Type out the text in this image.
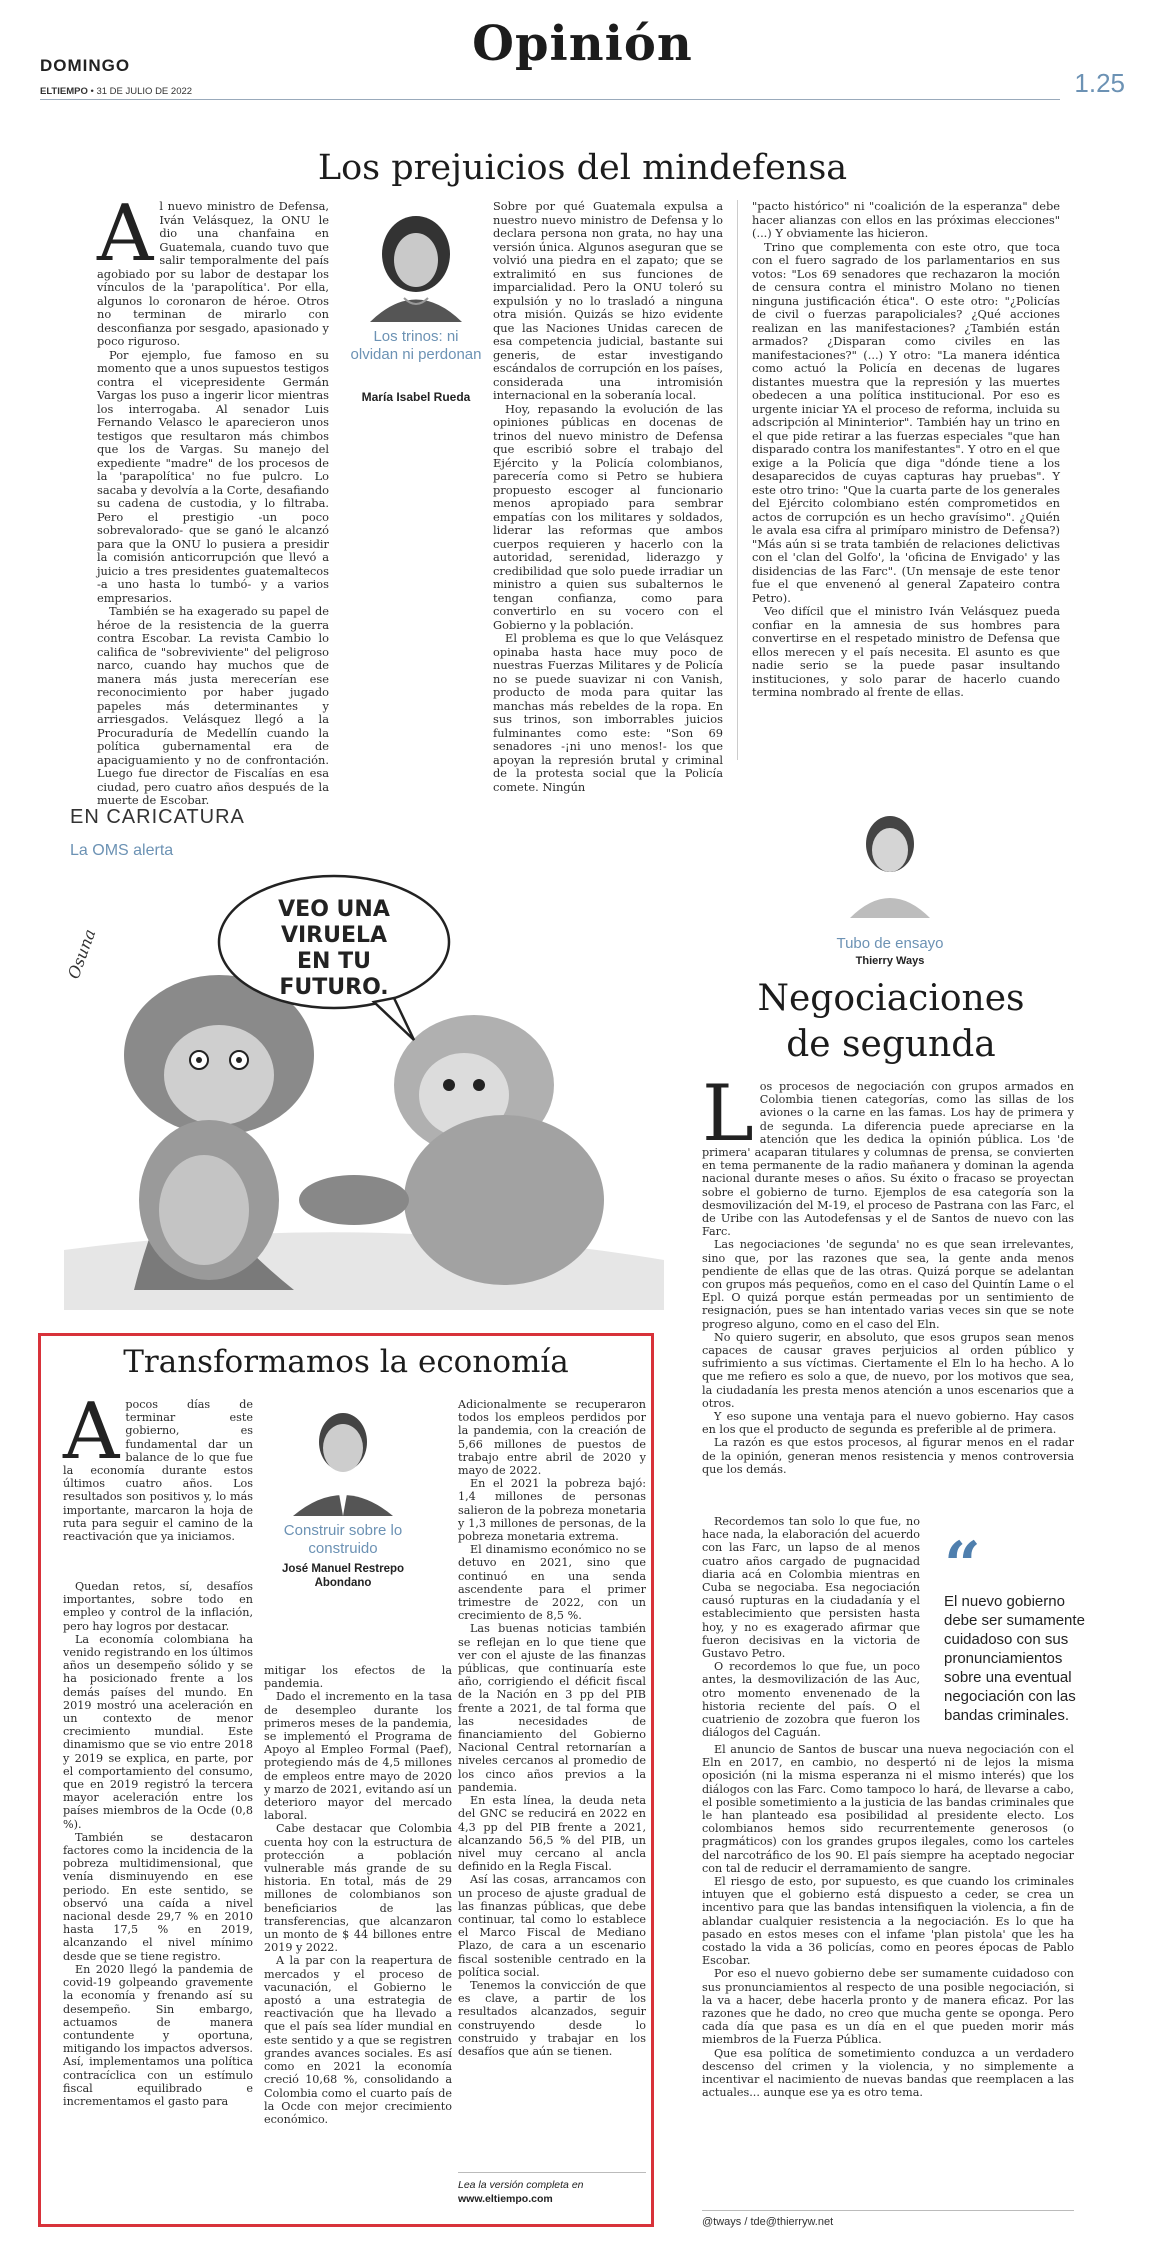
DOMINGO
ELTIEMPO • 31 DE JULIO DE 2022
Opinión
1.25
Los prejuicios del mindefensa
A l nuevo ministro de Defensa, Iván Velásquez, la ONU le dio una chanfaina en Guatemala, cuando tuvo que salir temporalmente del país agobiado por su labor de destapar los vínculos de la 'parapolítica'. Por ella, algunos lo coronaron de héroe. Otros no terminan de mirarlo con desconfianza por sesgado, apasionado y poco riguroso.

Por ejemplo, fue famoso en su momento que a unos supuestos testigos contra el vicepresidente Germán Vargas los puso a ingerir licor mientras los interrogaba. Al senador Luis Fernando Velasco le aparecieron unos testigos que resultaron más chimbos que los de Vargas. Su manejo del expediente "madre" de los procesos de la 'parapolítica' no fue pulcro. Lo sacaba y devolvía a la Corte, desafiando su cadena de custodia, y lo filtraba. Pero el prestigio -un poco sobrevalorado- que se ganó le alcanzó para que la ONU lo pusiera a presidir la comisión anticorrupción que llevó a juicio a tres presidentes guatemaltecos -a uno hasta lo tumbó- y a varios empresarios.

También se ha exagerado su papel de héroe de la resistencia de la guerra contra Escobar. La revista Cambio lo califica de "sobreviviente" del peligroso narco, cuando hay muchos que de manera más justa merecerían ese reconocimiento por haber jugado papeles más determinantes y arriesgados. Velásquez llegó a la Procuraduría de Medellín cuando la política gubernamental era de apaciguamiento y no de confrontación. Luego fue director de Fiscalías en esa ciudad, pero cuatro años después de la muerte de Escobar.

Los trinos: ni olvidan ni perdonan
María Isabel Rueda

Sobre por qué Guatemala expulsa a nuestro nuevo ministro de Defensa y lo declara persona non grata, no hay una versión única. Algunos aseguran que se volvió una piedra en el zapato; que se extralimitó en sus funciones de imparcialidad. Pero la ONU toleró su expulsión y no lo trasladó a ninguna otra misión. Quizás se hizo evidente que las Naciones Unidas carecen de esa competencia judicial, bastante sui generis, de estar investigando escándalos de corrupción en los países, considerada una intromisión internacional en la soberanía local.

Hoy, repasando la evolución de las opiniones públicas en docenas de trinos del nuevo ministro de Defensa que escribió sobre el trabajo del Ejército y la Policía colombianos, parecería como si Petro se hubiera propuesto escoger al funcionario menos apropiado para sembrar empatías con los militares y soldados, liderar las reformas que ambos cuerpos requieren y hacerlo con la autoridad, serenidad, liderazgo y credibilidad que solo puede irradiar un ministro a quien sus subalternos le tengan confianza, como para convertirlo en su vocero con el Gobierno y la población.

El problema es que lo que Velásquez opinaba hasta hace muy poco de nuestras Fuerzas Militares y de Policía no se puede suavizar ni con Vanish, producto de moda para quitar las manchas más rebeldes de la ropa. En sus trinos, son imborrables juicios fulminantes como este: "Son 69 senadores -¡ni uno menos!- los que apoyan la represión brutal y criminal de la protesta social que la Policía comete. Ningún

"pacto histórico" ni "coalición de la esperanza" debe hacer alianzas con ellos en las próximas elecciones" (...) Y obviamente las hicieron.

Trino que complementa con este otro, que toca con el fuero sagrado de los parlamentarios en sus votos: "Los 69 senadores que rechazaron la moción de censura contra el ministro Molano no tienen ninguna justificación ética". O este otro: "¿Policías de civil o fuerzas parapoliciales? ¿Qué acciones realizan en las manifestaciones? ¿También están armados? ¿Disparan como civiles en las manifestaciones?" (...) Y otro: "La manera idéntica como actuó la Policía en decenas de lugares distantes muestra que la represión y las muertes obedecen a una política institucional. Por eso es urgente iniciar YA el proceso de reforma, incluida su adscripción al Mininterior". También hay un trino en el que pide retirar a las fuerzas especiales "que han disparado contra los manifestantes". Y otro en el que exige a la Policía que diga "dónde tiene a los desaparecidos de cuyas capturas hay pruebas". Y este otro trino: "Que la cuarta parte de los generales del Ejército colombiano estén comprometidos en actos de corrupción es un hecho gravísimo". ¿Quién le avala esa cifra al primíparo ministro de Defensa?) "Más aún si se trata también de relaciones delictivas con el 'clan del Golfo', la 'oficina de Envigado' y las disidencias de las Farc". (Un mensaje de este tenor fue el que envenenó al general Zapateiro contra Petro).

Veo difícil que el ministro Iván Velásquez pueda confiar en la amnesia de sus hombres para convertirse en el respetado ministro de Defensa que ellos merecen y el país necesita. El asunto es que nadie serio se la puede pasar insultando instituciones, y solo parar de hacerlo cuando termina nombrado al frente de ellas.

EN CARICATURA
La OMS alerta
VEO UNA
VIRUELA
EN TU
FUTURO.
Osuna	Tubo de ensayo
Thierry Ways
Negociaciones
de segunda
L os procesos de negociación con grupos armados en Colombia tienen categorías, como las sillas de los aviones o la carne en las famas. Los hay de primera y de segunda. La diferencia puede apreciarse en la atención que les dedica la opinión pública. Los 'de primera' acaparan titulares y columnas de prensa, se convierten en tema permanente de la radio mañanera y dominan la agenda nacional durante meses o años. Su éxito o fracaso se proyectan sobre el gobierno de turno. Ejemplos de esa categoría son la desmovilización del M-19, el proceso de Pastrana con las Farc, el de Uribe con las Autodefensas y el de Santos de nuevo con las Farc.

Las negociaciones 'de segunda' no es que sean irrelevantes, sino que, por las razones que sea, la gente anda menos pendiente de ellas que de las otras. Quizá porque se adelantan con grupos más pequeños, como en el caso del Quintín Lame o el Epl. O quizá porque están permeadas por un sentimiento de resignación, pues se han intentado varias veces sin que se note progreso alguno, como en el caso del Eln.

No quiero sugerir, en absoluto, que esos grupos sean menos capaces de causar graves perjuicios al orden público y sufrimiento a sus víctimas. Ciertamente el Eln lo ha hecho. A lo que me refiero es solo a que, de nuevo, por los motivos que sea, la ciudadanía les presta menos atención a unos escenarios que a otros.

Y eso supone una ventaja para el nuevo gobierno. Hay casos en los que el producto de segunda es preferible al de primera.

La razón es que estos procesos, al figurar menos en el radar de la opinión, generan menos resistencia y menos controversia que los demás.

Recordemos tan solo lo que fue, no hace nada, la elaboración del acuerdo con las Farc, un lapso de al menos cuatro años cargado de pugnacidad diaria acá en Colombia mientras en Cuba se negociaba. Esa negociación causó rupturas en la ciudadanía y el establecimiento que persisten hasta hoy, y no es exagerado afirmar que fueron decisivas en la victoria de Gustavo Petro.

O recordemos lo que fue, un poco antes, la desmovilización de las Auc, otro momento envenenado de la historia reciente del país. O el cuatrienio de zozobra que fueron los diálogos del Caguán.

“
El nuevo gobierno debe ser sumamente cuidadoso con sus pronunciamientos sobre una eventual negociación con las bandas criminales.

El anuncio de Santos de buscar una nueva negociación con el Eln en 2017, en cambio, no despertó ni de lejos la misma oposición (ni la misma esperanza ni el mismo interés) que los diálogos con las Farc. Como tampoco lo hará, de llevarse a cabo, el posible sometimiento a la justicia de las bandas criminales que le han planteado esa posibilidad al presidente electo. Los colombianos hemos sido recurrentemente generosos (o pragmáticos) con los grandes grupos ilegales, como los carteles del narcotráfico de los 90. El país siempre ha aceptado negociar con tal de reducir el derramamiento de sangre.

El riesgo de esto, por supuesto, es que cuando los criminales intuyen que el gobierno está dispuesto a ceder, se crea un incentivo para que las bandas intensifiquen la violencia, a fin de ablandar cualquier resistencia a la negociación. Es lo que ha pasado en estos meses con el infame 'plan pistola' que les ha costado la vida a 36 policías, como en peores épocas de Pablo Escobar.

Por eso el nuevo gobierno debe ser sumamente cuidadoso con sus pronunciamientos al respecto de una posible negociación, si la va a hacer, debe hacerla pronto y de manera eficaz. Por las razones que he dado, no creo que mucha gente se oponga. Pero cada día que pasa es un día en el que pueden morir más miembros de la Fuerza Pública.

Que esa política de sometimiento conduzca a un verdadero descenso del crimen y la violencia, y no simplemente a incentivar el nacimiento de nuevas bandas que reemplacen a las actuales... aunque ese ya es otro tema.

@tways / tde@thierryw.net
Transformamos la economía
A pocos días de terminar este gobierno, es fundamental dar un balance de lo que fue la economía durante estos últimos cuatro años. Los resultados son positivos y, lo más importante, marcaron la hoja de ruta para seguir el camino de la reactivación que ya iniciamos.	Construir sobre lo construido
José Manuel Restrepo
Abondano

Quedan retos, sí, desafíos importantes, sobre todo en empleo y control de la inflación, pero hay logros por destacar.

La economía colombiana ha venido registrando en los últimos años un desempeño sólido y se ha posicionado frente a los demás países del mundo. En 2019 mostró una aceleración en un contexto de menor crecimiento mundial. Este dinamismo que se vio entre 2018 y 2019 se explica, en parte, por el comportamiento del consumo, que en 2019 registró la tercera mayor aceleración entre los países miembros de la Ocde (0,8 %).

También se destacaron factores como la incidencia de la pobreza multidimensional, que venía disminuyendo en ese periodo. En este sentido, se observó una caída a nivel nacional desde 29,7 % en 2010 hasta 17,5 % en 2019, alcanzando el nivel mínimo desde que se tiene registro.

En 2020 llegó la pandemia de covid-19 golpeando gravemente la economía y frenando así su desempeño. Sin embargo, actuamos de manera contundente y oportuna, mitigando los impactos adversos. Así, implementamos una política contracíclica con un estímulo fiscal equilibrado e incrementamos el gasto para

mitigar los efectos de la pandemia.

Dado el incremento en la tasa de desempleo durante los primeros meses de la pandemia, se implementó el Programa de Apoyo al Empleo Formal (Paef), protegiendo más de 4,5 millones de empleos entre mayo de 2020 y marzo de 2021, evitando así un deterioro mayor del mercado laboral.

Cabe destacar que Colombia cuenta hoy con la estructura de protección a población vulnerable más grande de su historia. En total, más de 29 millones de colombianos son beneficiarios de las transferencias, que alcanzaron un monto de $ 44 billones entre 2019 y 2022.

A la par con la reapertura de mercados y el proceso de vacunación, el Gobierno le apostó a una estrategia de reactivación que ha llevado a que el país sea líder mundial en este sentido y a que se registren grandes avances sociales. Es así como en 2021 la economía creció 10,68 %, consolidando a Colombia como el cuarto país de la Ocde con mejor crecimiento económico.

Adicionalmente se recuperaron todos los empleos perdidos por la pandemia, con la creación de 5,66 millones de puestos de trabajo entre abril de 2020 y mayo de 2022.

En el 2021 la pobreza bajó: 1,4 millones de personas salieron de la pobreza monetaria y 1,3 millones de personas, de la pobreza monetaria extrema.

El dinamismo económico no se detuvo en 2021, sino que continuó en una senda ascendente para el primer trimestre de 2022, con un crecimiento de 8,5 %.

Las buenas noticias también se reflejan en lo que tiene que ver con el ajuste de las finanzas públicas, que continuaría este año, corrigiendo el déficit fiscal de la Nación en 3 pp del PIB frente a 2021, de tal forma que las necesidades de financiamiento del Gobierno Nacional Central retornarían a niveles cercanos al promedio de los cinco años previos a la pandemia.

En esta línea, la deuda neta del GNC se reducirá en 2022 en 4,3 pp del PIB frente a 2021, alcanzando 56,5 % del PIB, un nivel muy cercano al ancla definido en la Regla Fiscal.

Así las cosas, arrancamos con un proceso de ajuste gradual de las finanzas públicas, que debe continuar, tal como lo establece el Marco Fiscal de Mediano Plazo, de cara a un escenario fiscal sostenible centrado en la política social.

Tenemos la convicción de que es clave, a partir de los resultados alcanzados, seguir construyendo desde lo construido y trabajar en los desafíos que aún se tienen.

Lea la versión completa en
www.eltiempo.com
